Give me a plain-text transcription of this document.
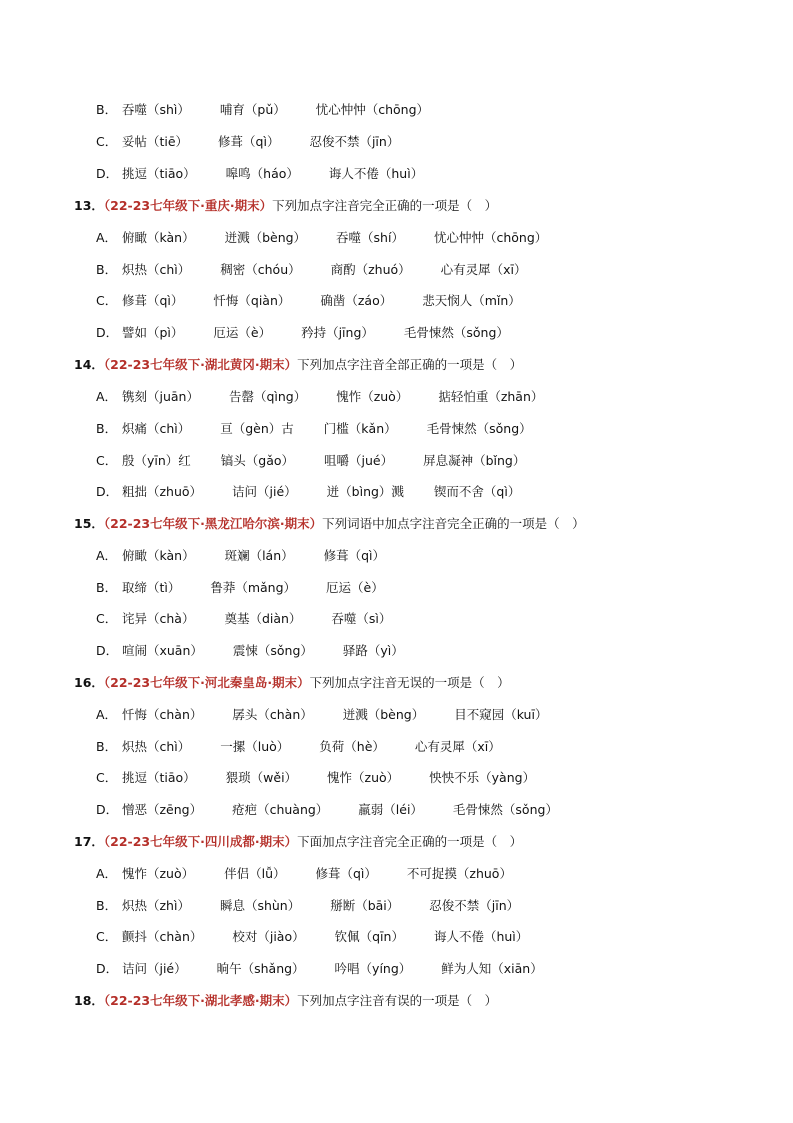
B． 吞噬（shì） 哺育（pǔ） 忧心忡忡（chōng）
C． 妥帖（tiē） 修葺（qì） 忍俊不禁（jīn）
D． 挑逗（tiāo） 嗥鸣（háo） 诲人不倦（huì）
13．（22-23七年级下·重庆·期末）下列加点字注音完全正确的一项是（　）
A． 俯瞰（kàn） 迸溅（bèng） 吞噬（shí） 忧心忡忡（chōng）
B． 炽热（chì） 稠密（chóu） 商酌（zhuó） 心有灵犀（xī）
C． 修葺（qì） 忏悔（qiàn） 确凿（záo） 悲天悯人（mǐn）
D． 譬如（pì） 厄运（è） 矜持（jīng） 毛骨悚然（sǒng）
14．（22-23七年级下·湖北黄冈·期末）下列加点字注音全部正确的一项是（　）
A． 镌刻（juān） 告罄（qìng） 愧怍（zuò） 掂轻怕重（zhān）
B． 炽痛（chì） 亘（gèn）古 门槛（kǎn） 毛骨悚然（sǒng）
C． 殷（yīn）红 镐头（gǎo） 咀嚼（jué） 屏息凝神（bǐng）
D． 粗拙（zhuō） 诘问（jié） 迸（bìng）溅 锲而不舍（qì）
15．（22-23七年级下·黑龙江哈尔滨·期末）下列词语中加点字注音完全正确的一项是（　）
A． 俯瞰（kàn） 斑斓（lán） 修葺（qì）
B． 取缔（tì） 鲁莽（mǎng） 厄运（è）
C． 诧异（chà） 奠基（diàn） 吞噬（sì）
D． 喧闹（xuān） 震悚（sǒng） 驿路（yì）
16．（22-23七年级下·河北秦皇岛·期末）下列加点字注音无误的一项是（　）
A． 忏悔（chàn） 孱头（chàn） 迸溅（bèng） 目不窥园（kuī）
B． 炽热（chì） 一摞（luò） 负荷（hè） 心有灵犀（xī）
C． 挑逗（tiāo） 猥琐（wěi） 愧怍（zuò） 怏怏不乐（yàng）
D． 憎恶（zēng） 疮疤（chuàng） 羸弱（léi） 毛骨悚然（sǒng）
17．（22-23七年级下·四川成都·期末）下面加点字注音完全正确的一项是（　）
A． 愧怍（zuò） 伴侣（lǚ） 修葺（qì） 不可捉摸（zhuō）
B． 炽热（zhì） 瞬息（shùn） 掰断（bāi） 忍俊不禁（jīn）
C． 颤抖（chàn） 校对（jiào） 钦佩（qīn） 诲人不倦（huì）
D． 诘问（jié） 晌午（shǎng） 吟唱（yíng） 鲜为人知（xiān）
18．（22-23七年级下·湖北孝感·期末）下列加点字注音有误的一项是（　）
